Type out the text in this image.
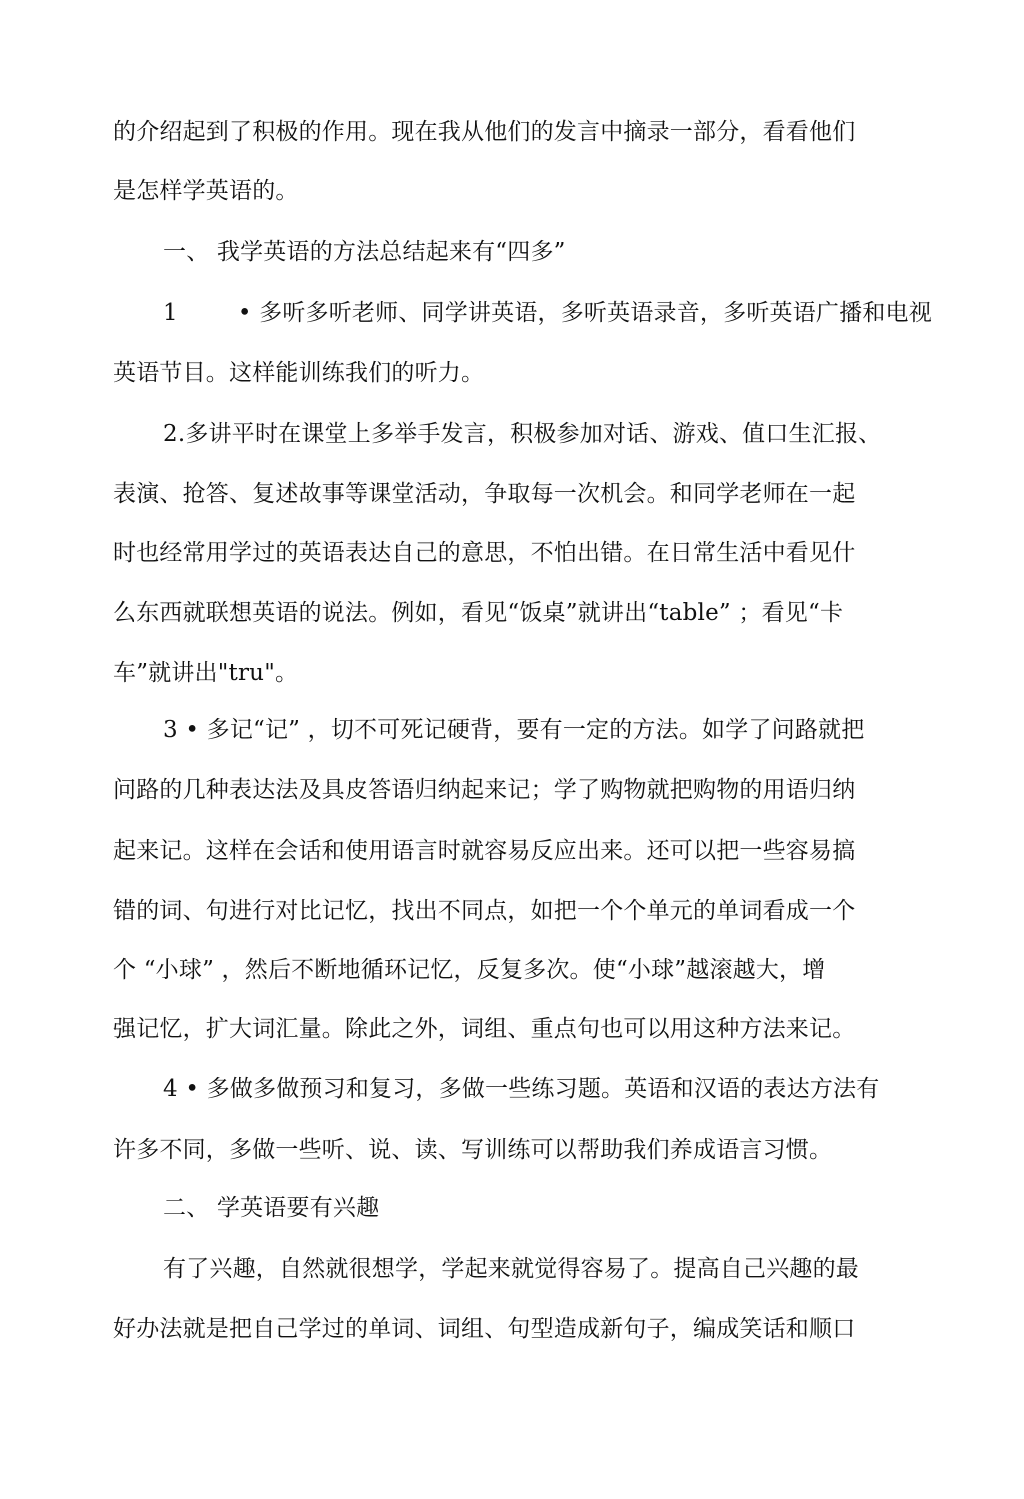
的介绍起到了积极的作用。现在我从他们的发言中摘录一部分，看看他们
是怎样学英语的。
一、 我学英语的方法总结起来有“四多”
1	• 多听多听老师、同学讲英语，多听英语录音，多听英语广播和电视
英语节目。这样能训练我们的听力。
2.多讲平时在课堂上多举手发言，积极参加对话、游戏、值口生汇报、
表演、抢答、复述故事等课堂活动，争取每一次机会。和同学老师在一起
时也经常用学过的英语表达自己的意思，不怕出错。在日常生活中看见什
么东西就联想英语的说法。例如，看见“饭桌”就讲出“table” ；看见“卡
车”就讲出"tru"。
3 • 多记“记” ，切不可死记硬背，要有一定的方法。如学了问路就把
问路的几种表达法及具皮答语归纳起来记；学了购物就把购物的用语归纳
起来记。这样在会话和使用语言时就容易反应出来。还可以把一些容易搞
错的词、句进行对比记忆，找出不同点，如把一个个单元的单词看成一个
个 “小球” ，然后不断地循环记忆，反复多次。使“小球”越滚越大，增
强记忆，扩大词汇量。除此之外，词组、重点句也可以用这种方法来记。
4 • 多做多做预习和复习，多做一些练习题。英语和汉语的表达方法有
许多不同，多做一些听、说、读、写训练可以帮助我们养成语言习惯。
二、 学英语要有兴趣
有了兴趣，自然就很想学，学起来就觉得容易了。提高自己兴趣的最
好办法就是把自己学过的单词、词组、句型造成新句子，编成笑话和顺口
